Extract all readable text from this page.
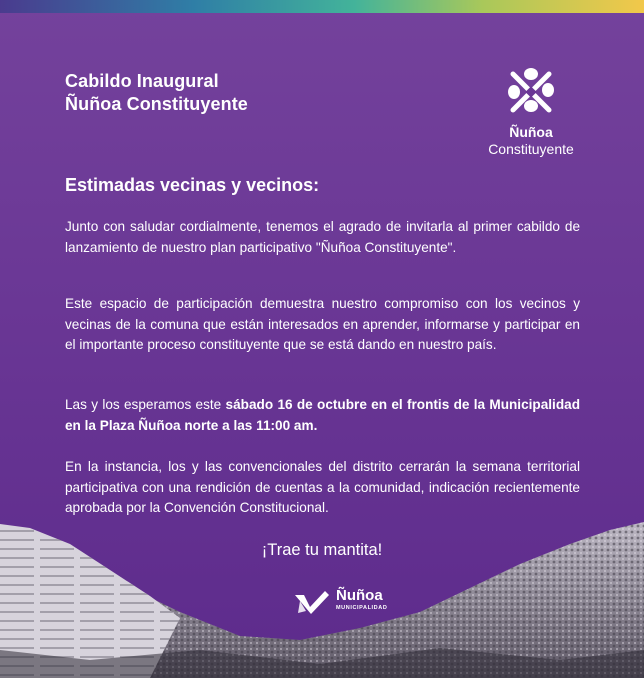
Cabildo Inaugural
Ñuñoa Constituyente
Ñuñoa
Constituyente
Estimadas vecinas y vecinos:
Junto con saludar cordialmente, tenemos el agrado de invitarla al primer cabildo de lanzamiento de nuestro plan participativo "Ñuñoa Constituyente".
Este espacio de participación demuestra nuestro compromiso con los vecinos y vecinas de la comuna que están interesados en aprender, informarse y participar en el importante proceso constituyente que se está dando en nuestro país.
Las y los esperamos este sábado 16 de octubre en el frontis de la Municipalidad en la Plaza Ñuñoa norte a las 11:00 am.
En la instancia, los y las convencionales del distrito cerrarán la semana territorial participativa con una rendición de cuentas a la comunidad, indicación recientemente aprobada por la Convención Constitucional.
¡Trae tu mantita!
Ñuñoa
MUNICIPALIDAD
